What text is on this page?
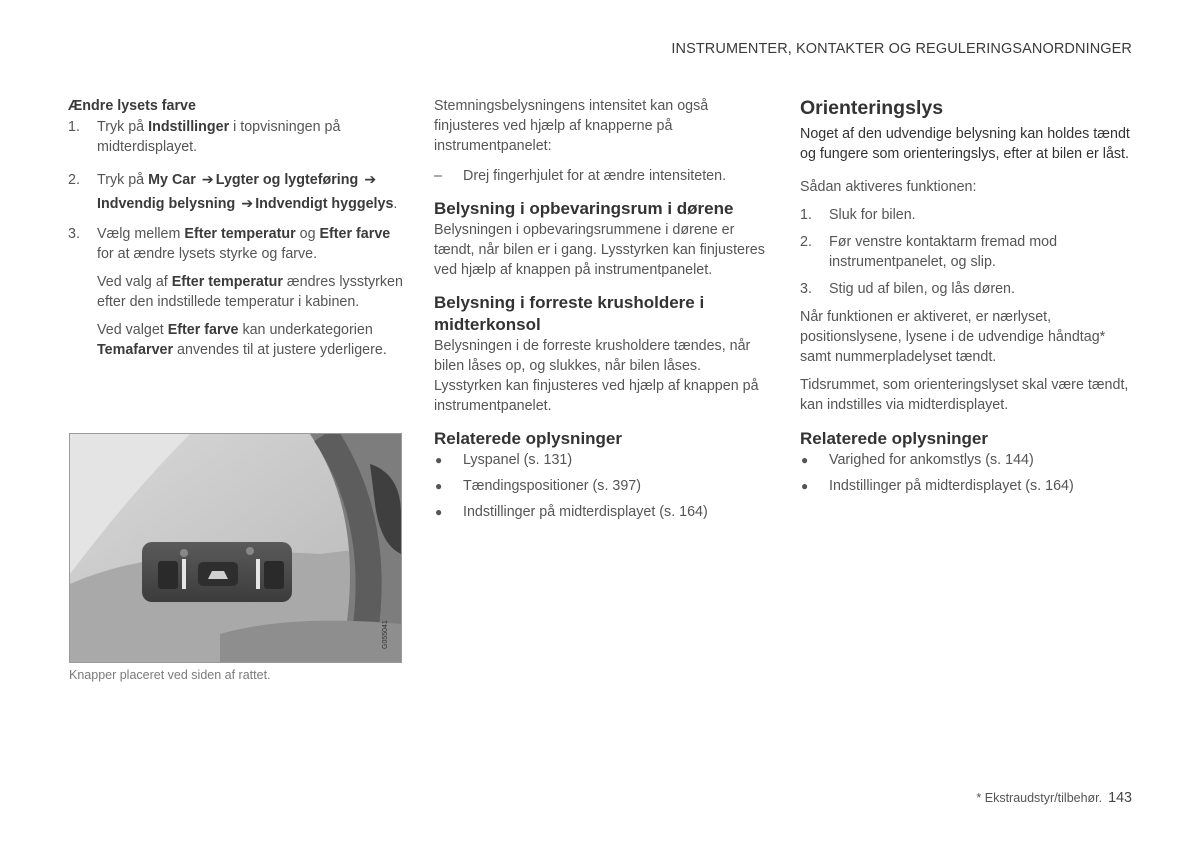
INSTRUMENTER, KONTAKTER OG REGULERINGSANORDNINGER

Ændre lysets farve

1. Tryk på Indstillinger i topvisningen på midterdisplayet.
2. Tryk på My Car ➔ Lygter og lygteføring ➔ Indvendig belysning ➔ Indvendigt hyggelys.
3. Vælg mellem Efter temperatur og Efter farve for at ændre lysets styrke og farve.

Ved valg af Efter temperatur ændres lysstyrken efter den indstillede temperatur i kabinen.

Ved valget Efter farve kan underkategorien Temafarver anvendes til at justere yderligere.

G055041
Knapper placeret ved siden af rattet.

Stemningsbelysningens intensitet kan også finjusteres ved hjælp af knapperne på instrumentpanelet:

– Drej fingerhjulet for at ændre intensiteten.

Belysning i opbevaringsrum i dørene

Belysningen i opbevaringsrummene i dørene er tændt, når bilen er i gang. Lysstyrken kan finjusteres ved hjælp af knappen på instrumentpanelet.

Belysning i forreste krusholdere i midterkonsol

Belysningen i de forreste krusholdere tændes, når bilen låses op, og slukkes, når bilen låses. Lysstyrken kan finjusteres ved hjælp af knappen på instrumentpanelet.

Relaterede oplysninger

● Lyspanel (s. 131)
● Tændingspositioner (s. 397)
● Indstillinger på midterdisplayet (s. 164)

Orienteringslys

Noget af den udvendige belysning kan holdes tændt og fungere som orienteringslys, efter at bilen er låst.

Sådan aktiveres funktionen:

1. Sluk for bilen.
2. Før venstre kontaktarm fremad mod instrumentpanelet, og slip.
3. Stig ud af bilen, og lås døren.

Når funktionen er aktiveret, er nærlyset, positionslysene, lysene i de udvendige håndtag* samt nummerpladelyset tændt.

Tidsrummet, som orienteringslyset skal være tændt, kan indstilles via midterdisplayet.

Relaterede oplysninger

● Varighed for ankomstlys (s. 144)
● Indstillinger på midterdisplayet (s. 164)
* Ekstraudstyr/tilbehør. 143
